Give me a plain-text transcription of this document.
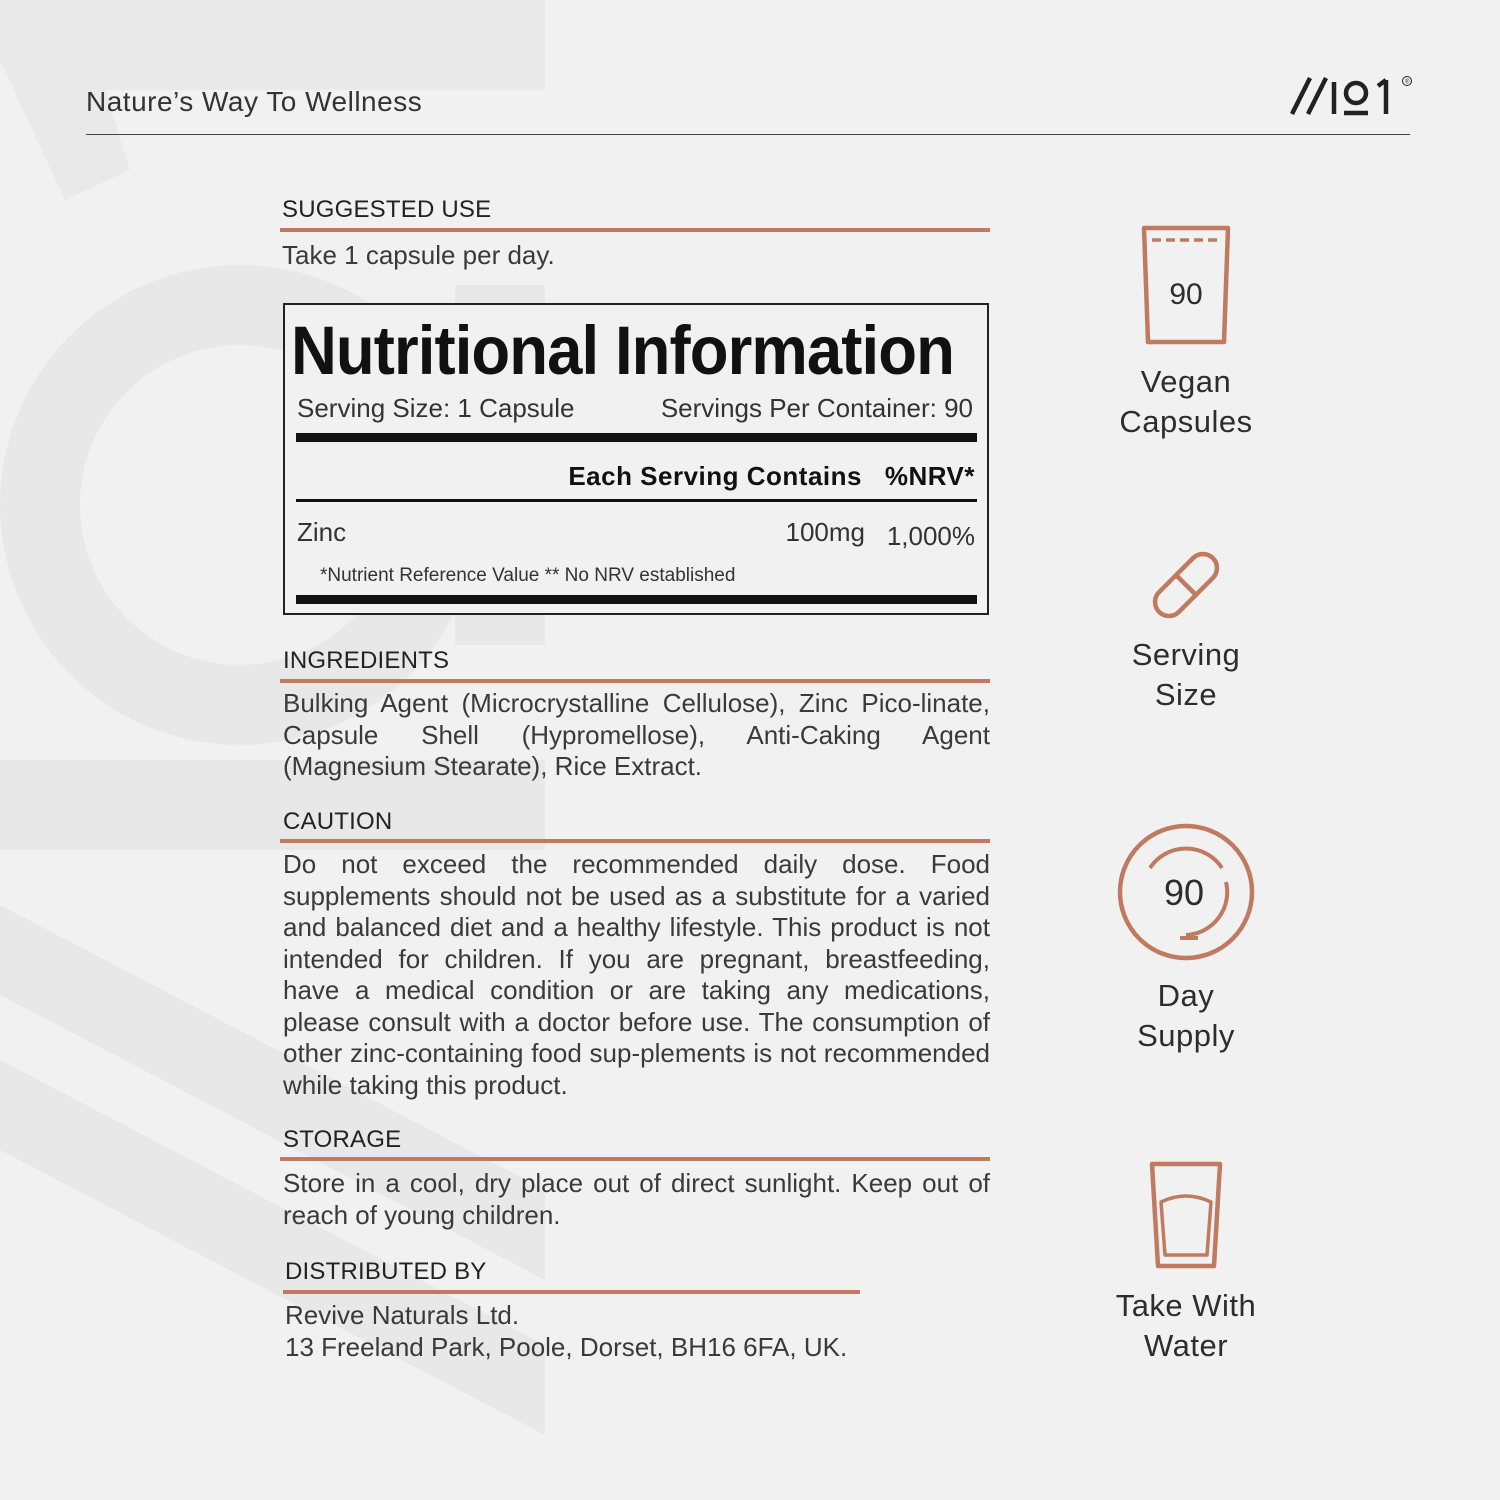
Nature’s Way To Wellness
®
SUGGESTED USE
Take 1 capsule per day.
Nutritional Information
Serving Size: 1 Capsule	Servings Per Container: 90
Each Serving Contains %NRV*
Zinc	100mg 1,000%
*Nutrient Reference Value ** No NRV established
INGREDIENTS
Bulking Agent (Microcrystalline Cellulose), Zinc Pico-linate, Capsule Shell (Hypromellose), Anti-Caking Agent (Magnesium Stearate), Rice Extract.
CAUTION
Do not exceed the recommended daily dose. Food supplements should not be used as a substitute for a varied and balanced diet and a healthy lifestyle. This product is not intended for children. If you are pregnant, breastfeeding, have a medical condition or are taking any medications, please consult with a doctor before use. The consumption of other zinc-containing food sup-plements is not recommended while taking this product.
STORAGE
Store in a cool, dry place out of direct sunlight. Keep out of reach of young children.
DISTRIBUTED BY
Revive Naturals Ltd.
13 Freeland Park, Poole, Dorset, BH16 6FA, UK.
90
Vegan
Capsules
Serving
Size
90
Day
Supply
Take With
Water
